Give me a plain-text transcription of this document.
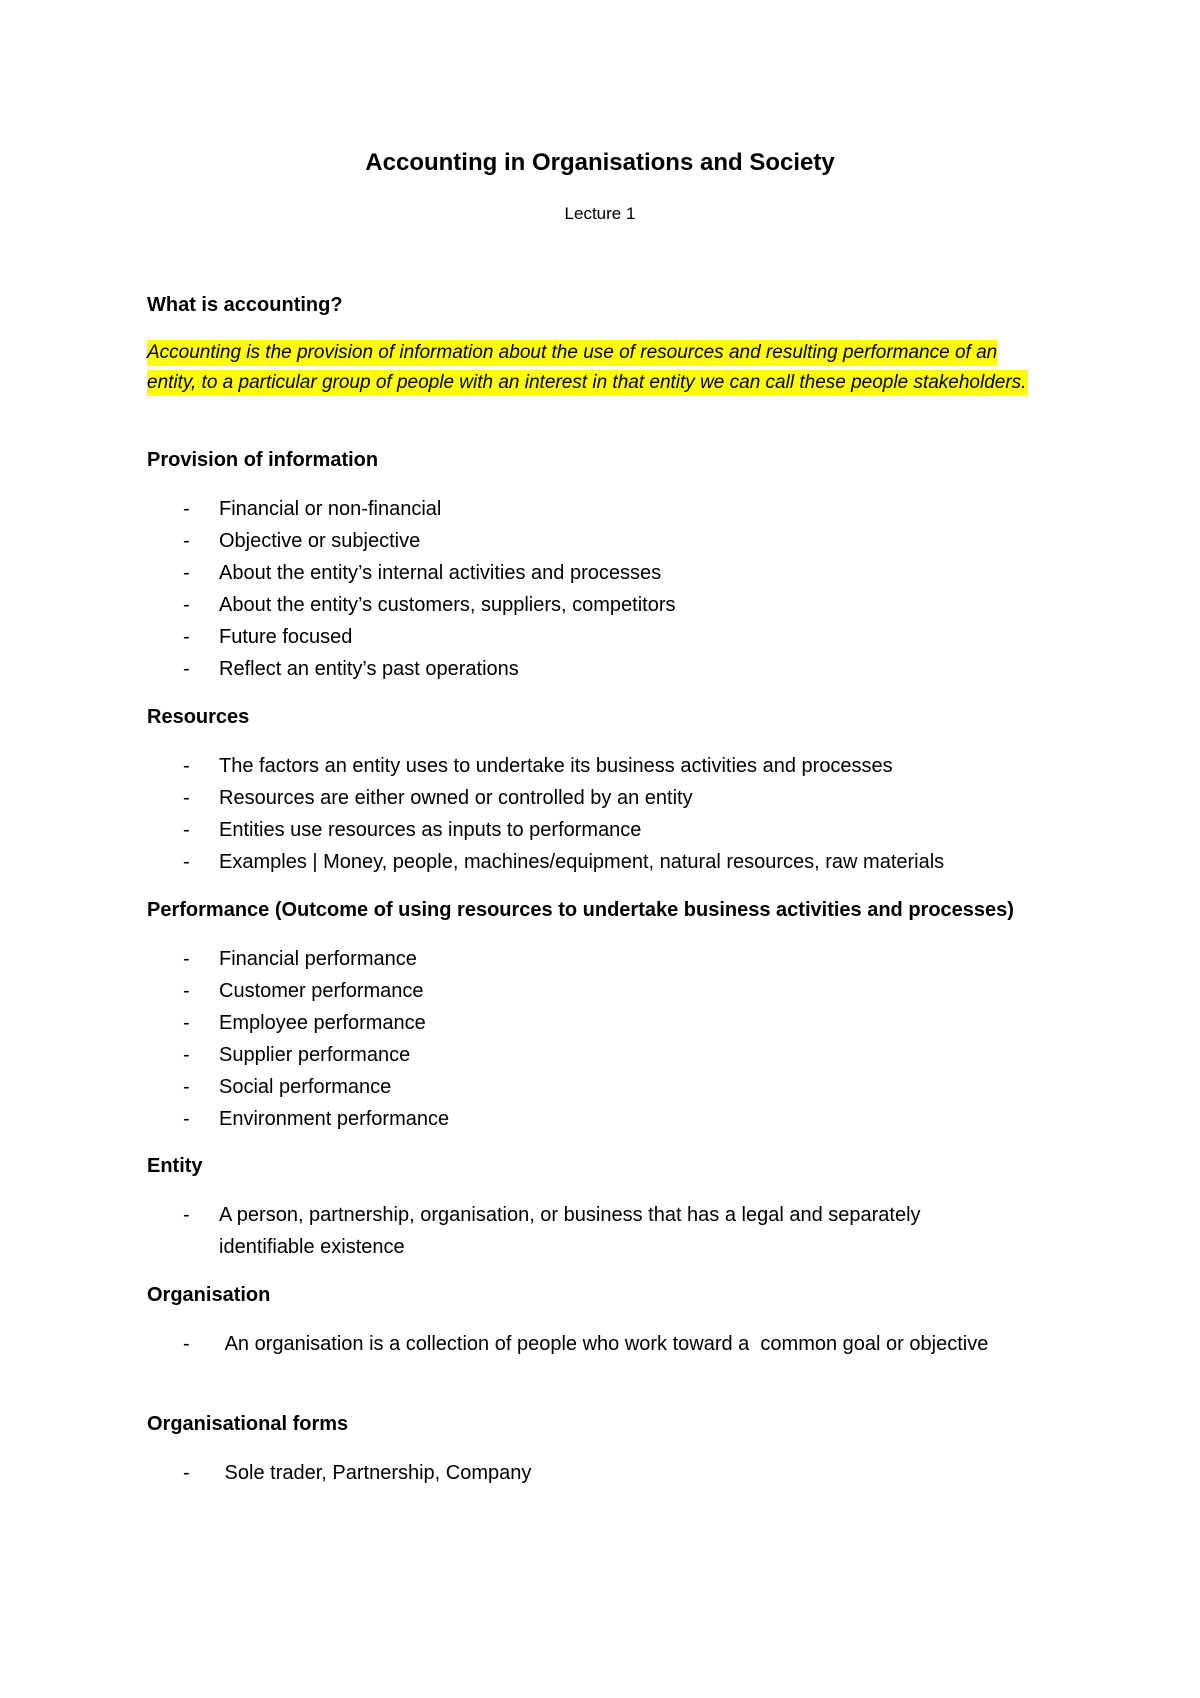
Accounting in Organisations and Society
Lecture 1
What is accounting?
Accounting is the provision of information about the use of resources and resulting performance of an entity, to a particular group of people with an interest in that entity we can call these people stakeholders.
Provision of information
- Financial or non-financial
- Objective or subjective
- About the entity’s internal activities and processes
- About the entity’s customers, suppliers, competitors
- Future focused
- Reflect an entity’s past operations
Resources
- The factors an entity uses to undertake its business activities and processes
- Resources are either owned or controlled by an entity
- Entities use resources as inputs to performance
- Examples | Money, people, machines/equipment, natural resources, raw materials
Performance (Outcome of using resources to undertake business activities and processes)
- Financial performance
- Customer performance
- Employee performance
- Supplier performance
- Social performance
- Environment performance
Entity
- A person, partnership, organisation, or business that has a legal and separately identifiable existence
Organisation
- An organisation is a collection of people who work toward a  common goal or objective
Organisational forms
- Sole trader, Partnership, Company
